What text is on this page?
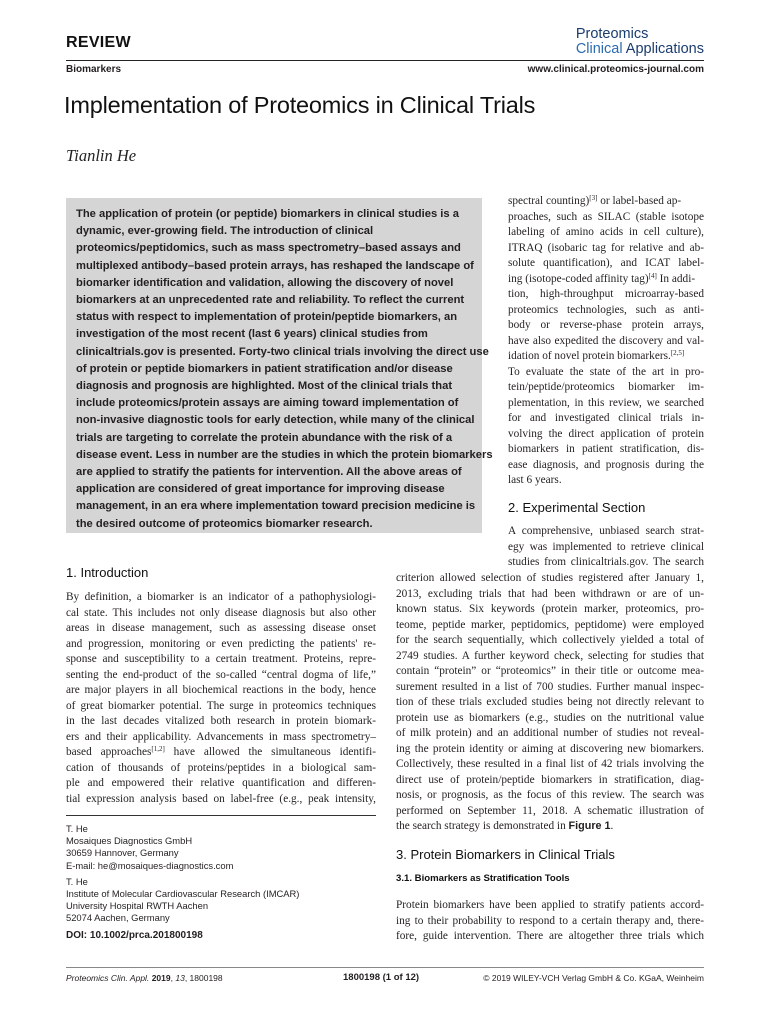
REVIEW	Proteomics
Clinical Applications
Biomarkers	www.clinical.proteomics-journal.com
Implementation of Proteomics in Clinical Trials
Tianlin He
The application of protein (or peptide) biomarkers in clinical studies is a
dynamic, ever-growing field. The introduction of clinical
proteomics/peptidomics, such as mass spectrometry–based assays and
multiplexed antibody–based protein arrays, has reshaped the landscape of
biomarker identification and validation, allowing the discovery of novel
biomarkers at an unprecedented rate and reliability. To reflect the current
status with respect to implementation of protein/peptide biomarkers, an
investigation of the most recent (last 6 years) clinical studies from
clinicaltrials.gov is presented. Forty-two clinical trials involving the direct use
of protein or peptide biomarkers in patient stratification and/or disease
diagnosis and prognosis are highlighted. Most of the clinical trials that
include proteomics/protein assays are aiming toward implementation of
non-invasive diagnostic tools for early detection, while many of the clinical
trials are targeting to correlate the protein abundance with the risk of a
disease event. Less in number are the studies in which the protein biomarkers
are applied to stratify the patients for intervention. All the above areas of
application are considered of great importance for improving disease
management, in an era where implementation toward precision medicine is
the desired outcome of proteomics biomarker research.
spectral counting)[3] or label-based ap-
proaches, such as SILAC (stable isotope
labeling of amino acids in cell culture),
ITRAQ (isobaric tag for relative and ab-
solute quantification), and ICAT label-
ing (isotope-coded affinity tag)[4] In addi-
tion, high-throughput microarray-based
proteomics technologies, such as anti-
body or reverse-phase protein arrays,
have also expedited the discovery and val-
idation of novel protein biomarkers.[2,5]
To evaluate the state of the art in pro-
tein/peptide/proteomics biomarker im-
plementation, in this review, we searched
for and investigated clinical trials in-
volving the direct application of protein
biomarkers in patient stratification, dis-
ease diagnosis, and prognosis during the
last 6 years.
2. Experimental Section
A comprehensive, unbiased search strat-
egy was implemented to retrieve clinical
studies from clinicaltrials.gov. The search
criterion allowed selection of studies registered after January 1,
2013, excluding trials that had been withdrawn or are of un-
known status. Six keywords (protein marker, proteomics, pro-
teome, peptide marker, peptidomics, peptidome) were employed
for the search sequentially, which collectively yielded a total of
2749 studies. A further keyword check, selecting for studies that
contain “protein” or “proteomics” in their title or outcome mea-
surement resulted in a list of 700 studies. Further manual inspec-
tion of these trials excluded studies being not directly relevant to
protein use as biomarkers (e.g., studies on the nutritional value
of milk protein) and an additional number of studies not reveal-
ing the protein identity or aiming at discovering new biomarkers.
Collectively, these resulted in a final list of 42 trials involving the
direct use of protein/peptide biomarkers in stratification, diag-
nosis, or prognosis, as the focus of this review. The search was
performed on September 11, 2018. A schematic illustration of
the search strategy is demonstrated in Figure 1.
3. Protein Biomarkers in Clinical Trials
3.1. Biomarkers as Stratification Tools
Protein biomarkers have been applied to stratify patients accord-
ing to their probability to respond to a certain therapy and, there-
fore, guide intervention. There are altogether three trials which
1. Introduction
By definition, a biomarker is an indicator of a pathophysiologi-
cal state. This includes not only disease diagnosis but also other
areas in disease management, such as assessing disease onset
and progression, monitoring or even predicting the patients' re-
sponse and susceptibility to a certain treatment. Proteins, repre-
senting the end-product of the so-called “central dogma of life,”
are major players in all biochemical reactions in the body, hence
of great biomarker potential. The surge in proteomics techniques
in the last decades vitalized both research in protein biomark-
ers and their applicability. Advancements in mass spectrometry–
based approaches[1,2] have allowed the simultaneous identifi-
cation of thousands of proteins/peptides in a biological sam-
ple and empowered their relative quantification and differen-
tial expression analysis based on label-free (e.g., peak intensity,
T. He
Mosaiques Diagnostics GmbH
30659 Hannover, Germany
E-mail: he@mosaiques-diagnostics.com
T. He
Institute of Molecular Cardiovascular Research (IMCAR)
University Hospital RWTH Aachen
52074 Aachen, Germany
DOI: 10.1002/prca.201800198
Proteomics Clin. Appl. 2019, 13, 1800198	1800198 (1 of 12)	© 2019 WILEY-VCH Verlag GmbH & Co. KGaA, Weinheim
